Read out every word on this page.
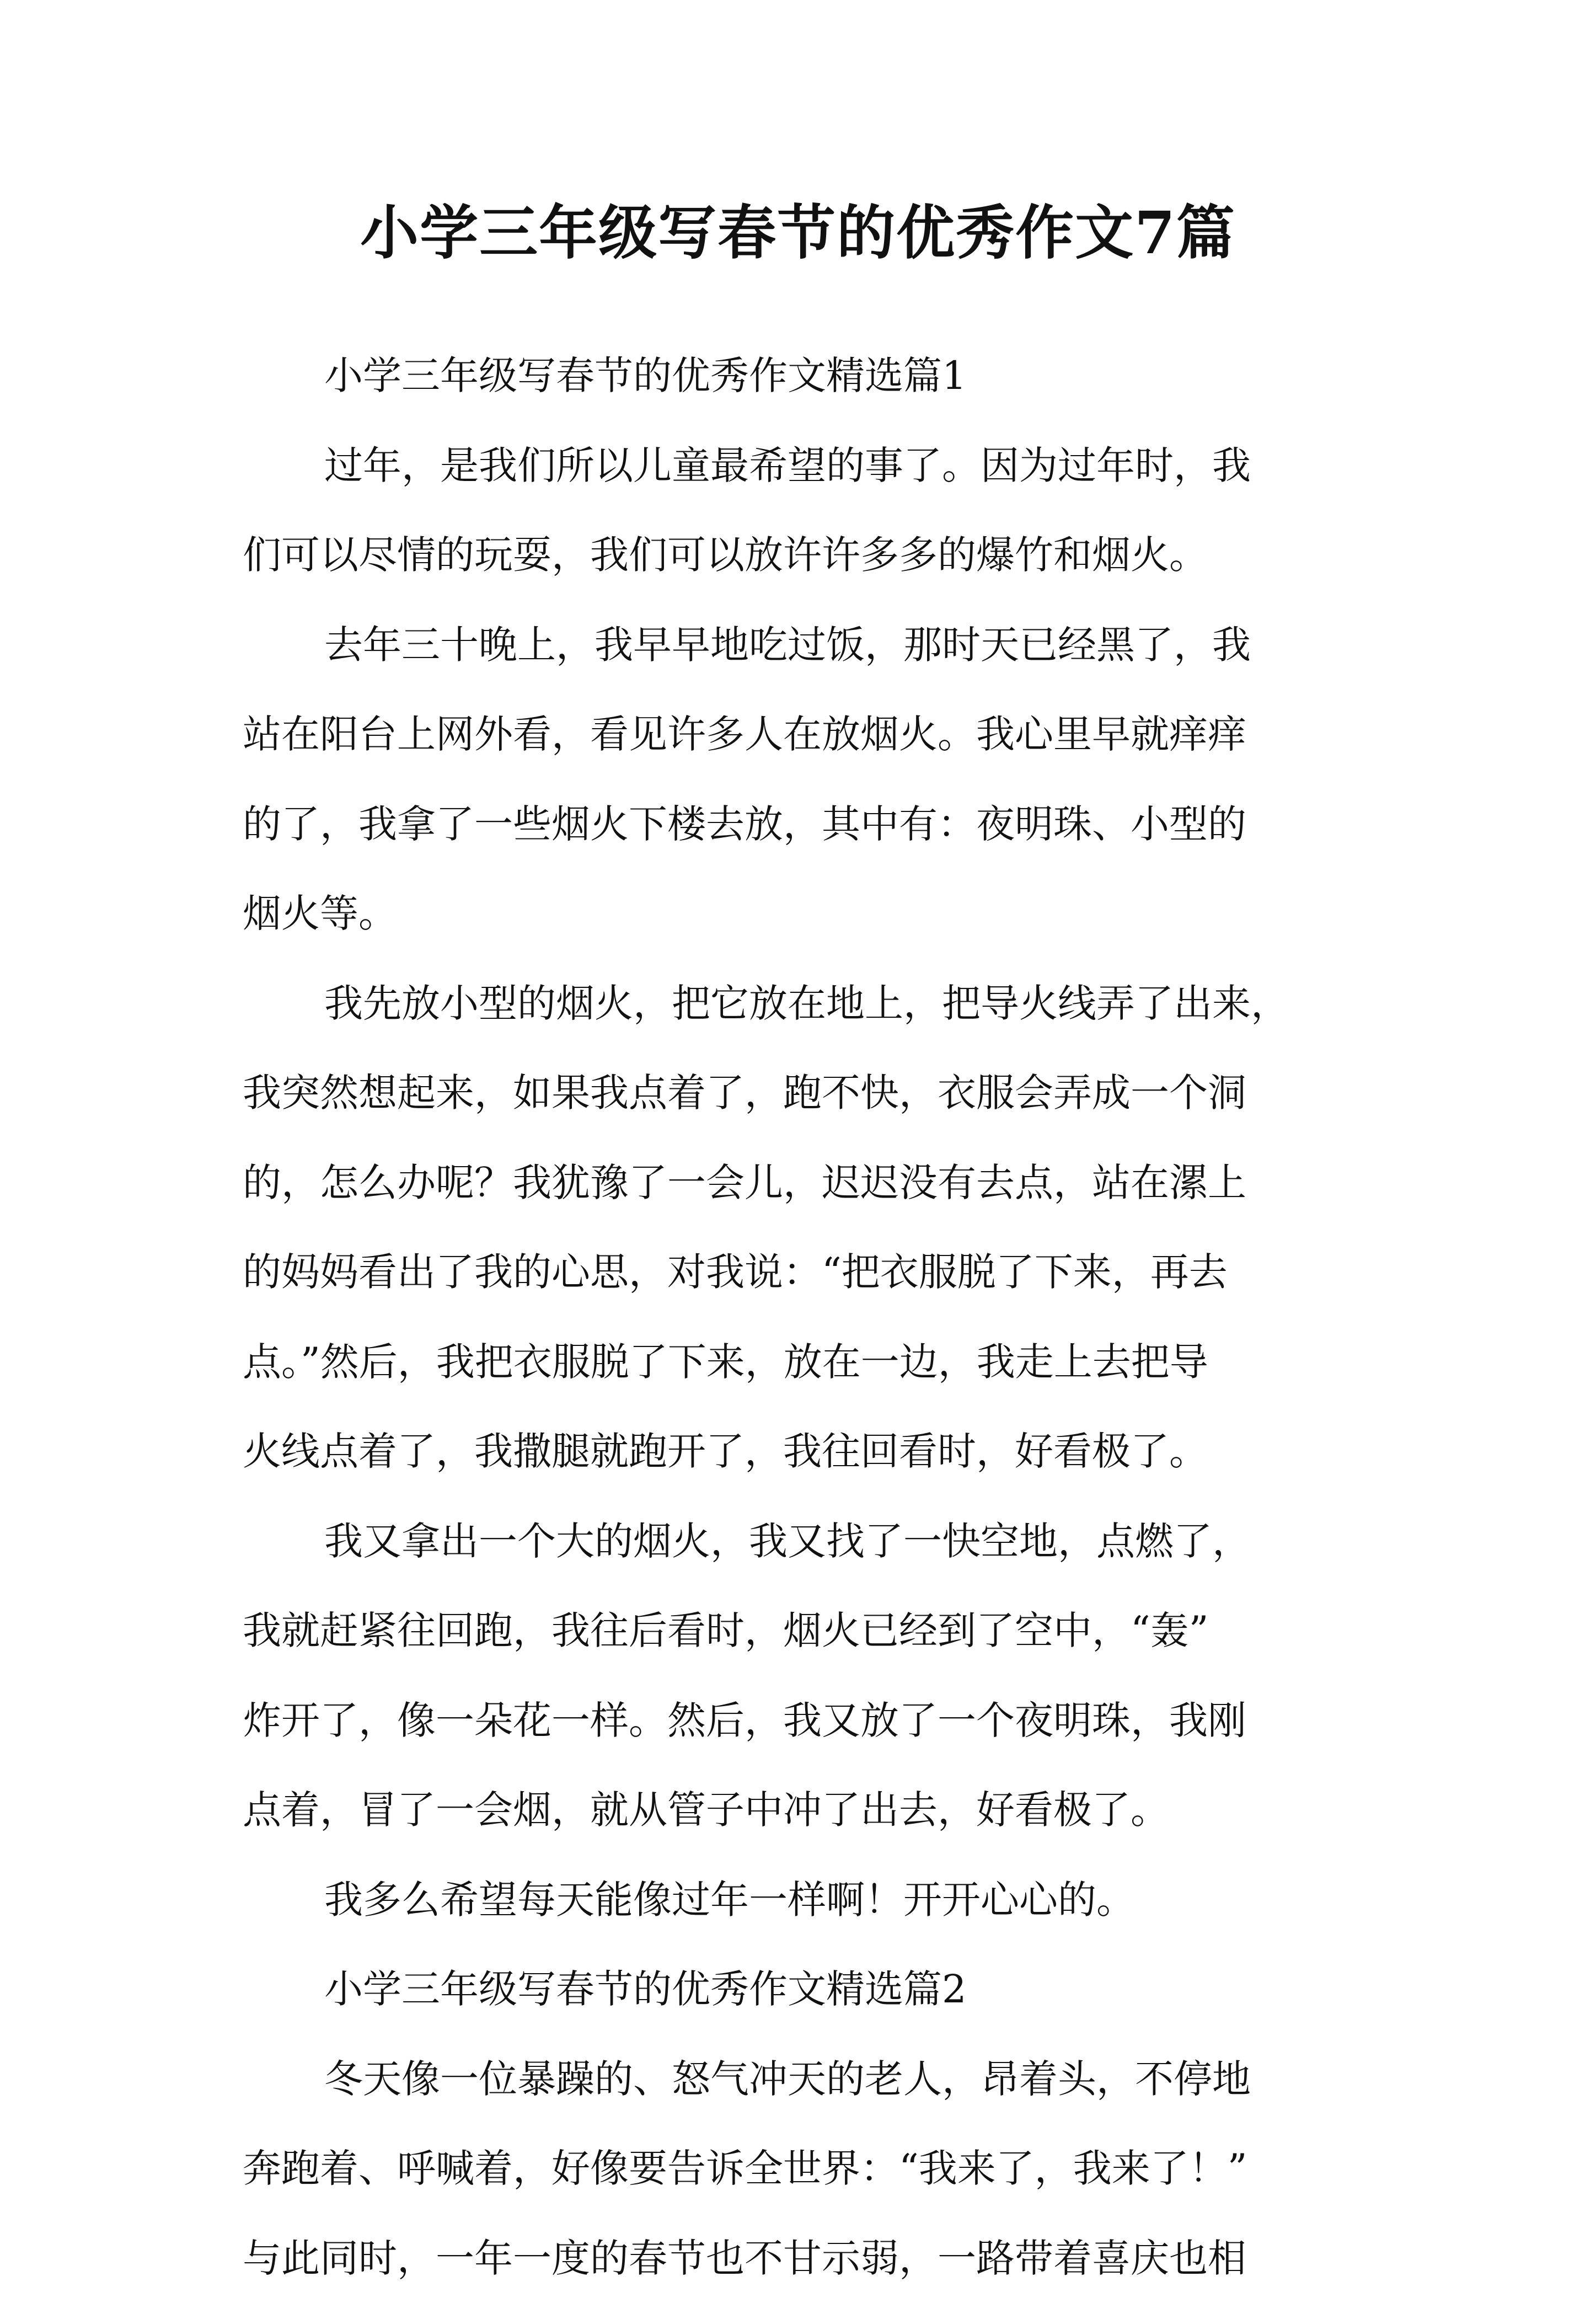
小学三年级写春节的优秀作文7篇
小学三年级写春节的优秀作文精选篇1
过年，是我们所以儿童最希望的事了。因为过年时，我
们可以尽情的玩耍，我们可以放许许多多的爆竹和烟火。
去年三十晚上，我早早地吃过饭，那时天已经黑了，我
站在阳台上网外看，看见许多人在放烟火。我心里早就痒痒
的了，我拿了一些烟火下楼去放，其中有：夜明珠、小型的
烟火等。
我先放小型的烟火，把它放在地上，把导火线弄了出来，
我突然想起来，如果我点着了，跑不快，衣服会弄成一个洞
的，怎么办呢？我犹豫了一会儿，迟迟没有去点，站在漯上
的妈妈看出了我的心思，对我说：“把衣服脱了下来，再去
点。”然后，我把衣服脱了下来，放在一边，我走上去把导
火线点着了，我撒腿就跑开了，我往回看时，好看极了。
我又拿出一个大的烟火，我又找了一快空地，点燃了，
我就赶紧往回跑，我往后看时，烟火已经到了空中，“轰”
炸开了，像一朵花一样。然后，我又放了一个夜明珠，我刚
点着，冒了一会烟，就从管子中冲了出去，好看极了。
我多么希望每天能像过年一样啊！开开心心的。
小学三年级写春节的优秀作文精选篇2
冬天像一位暴躁的、怒气冲天的老人，昂着头，不停地
奔跑着、呼喊着，好像要告诉全世界：“我来了，我来了！”
与此同时，一年一度的春节也不甘示弱，一路带着喜庆也相
